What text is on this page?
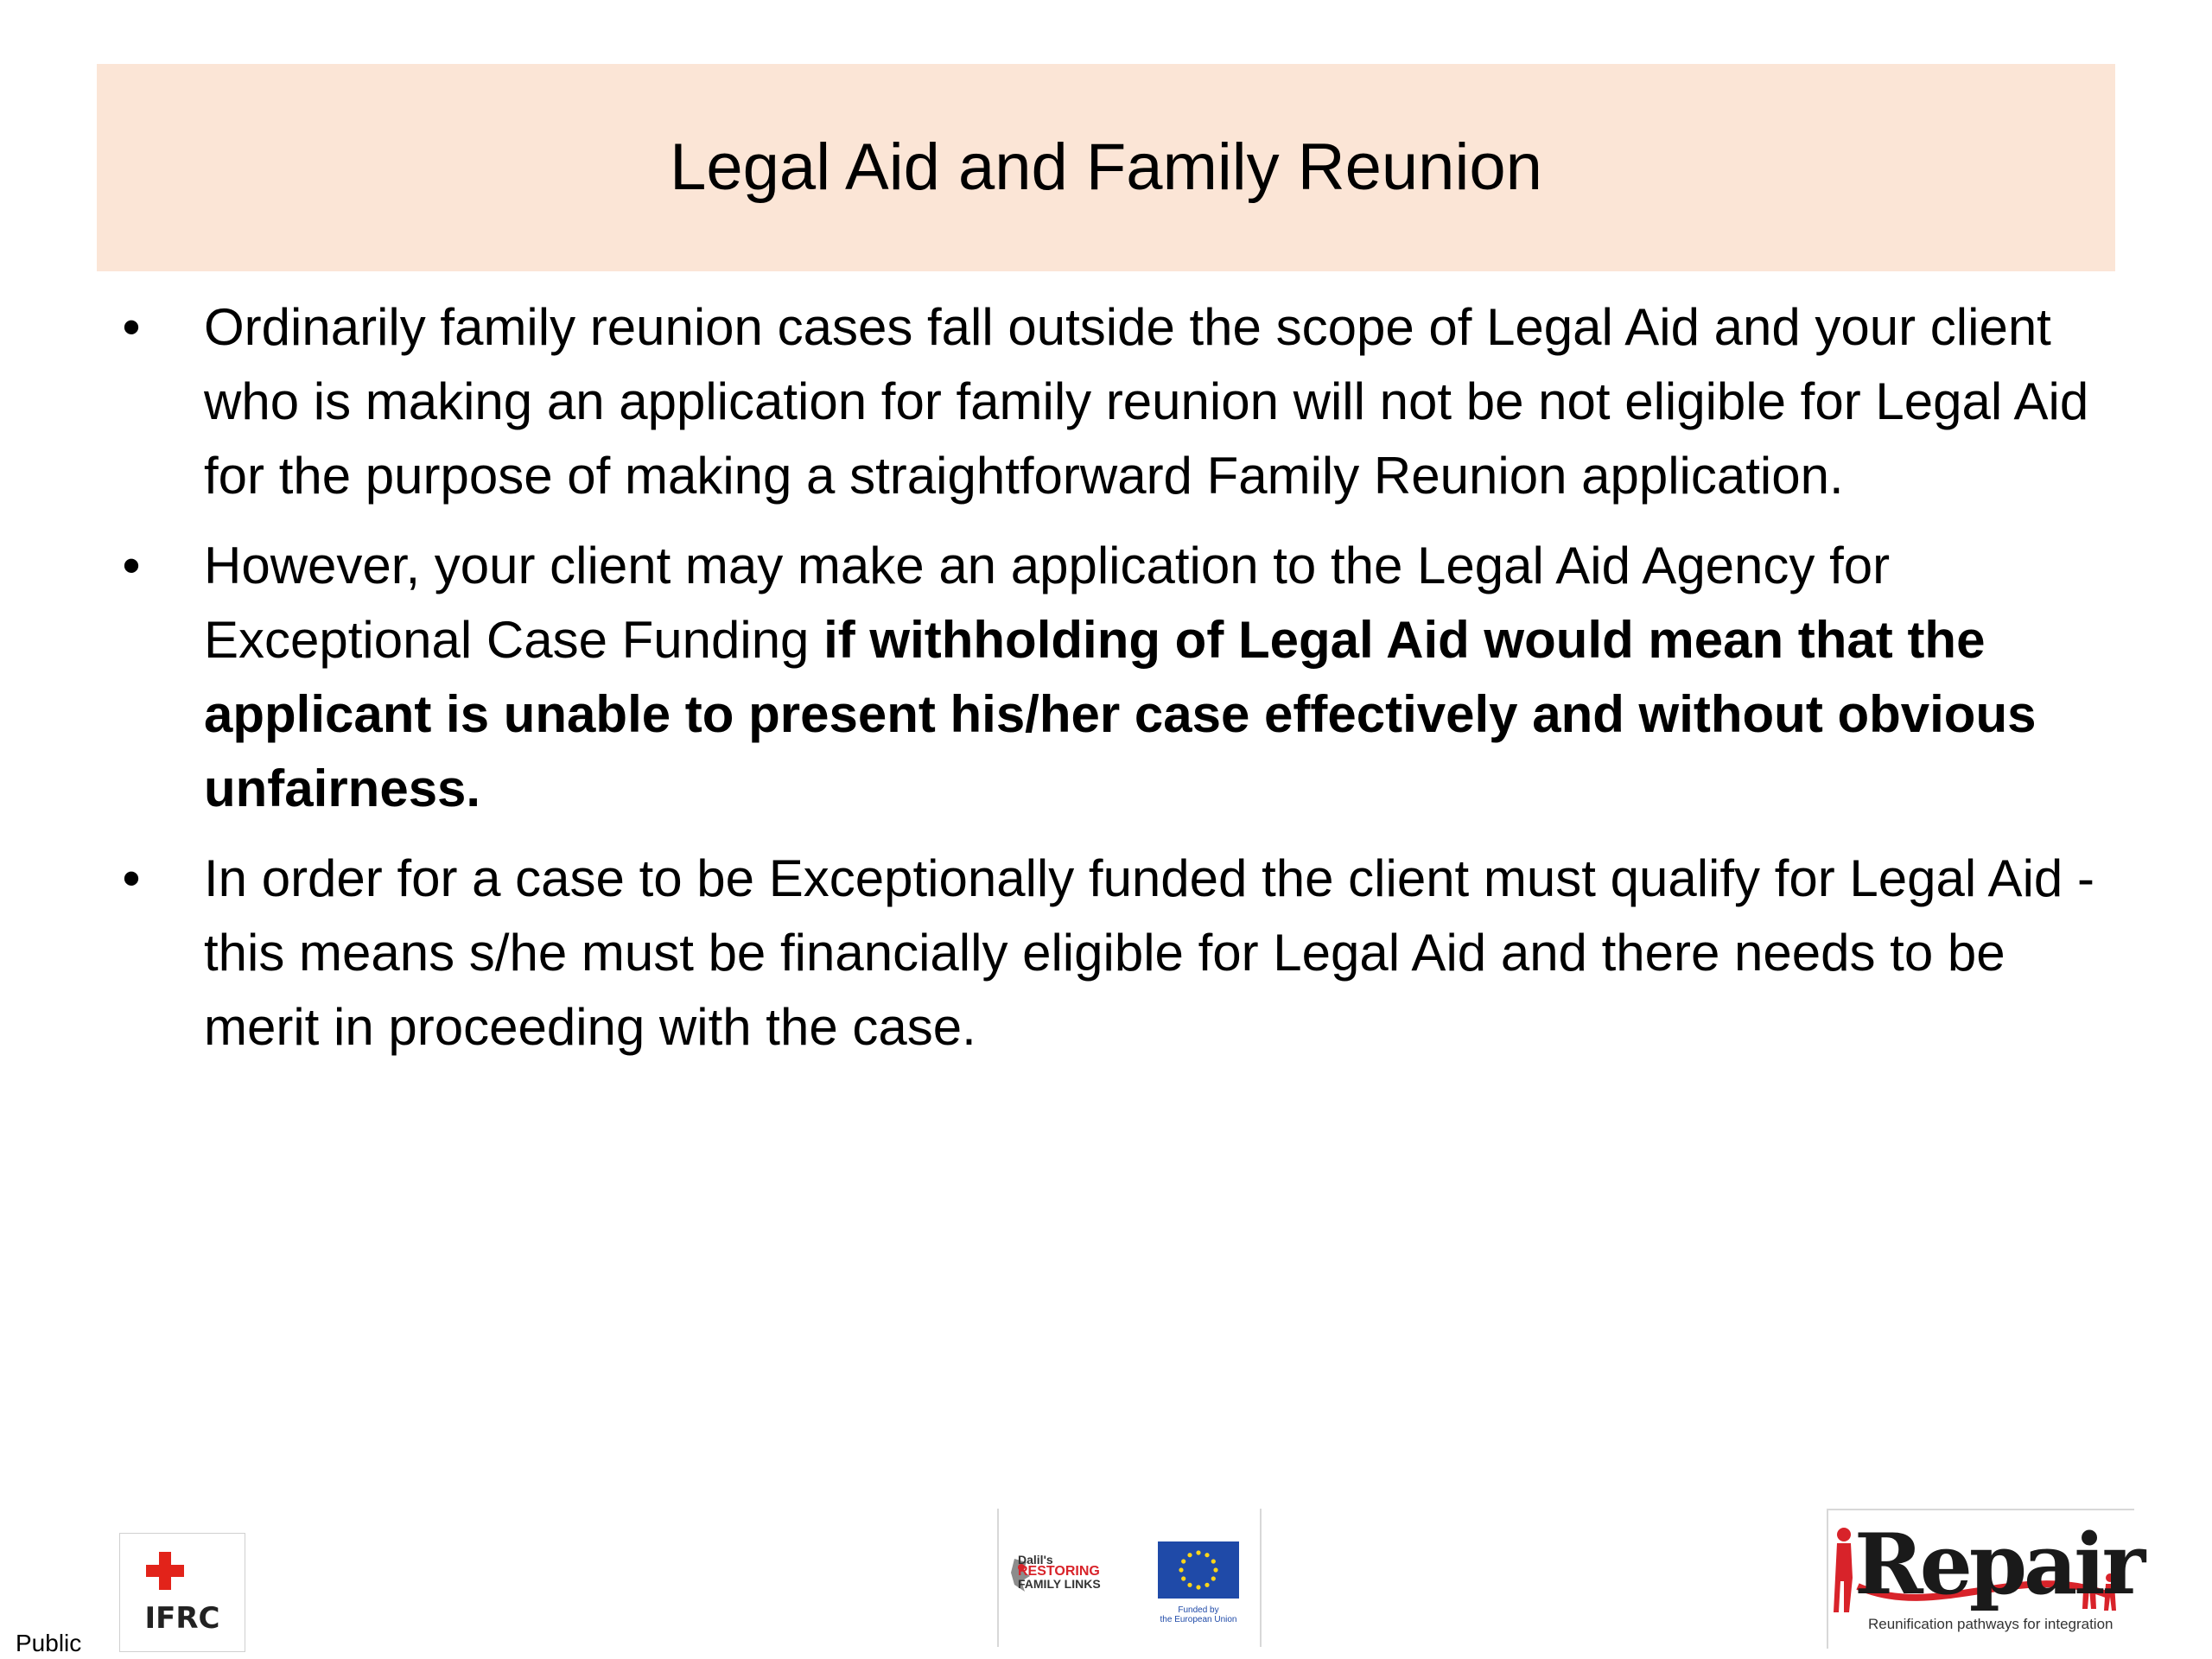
Legal Aid and Family Reunion
• Ordinarily family reunion cases fall outside the scope of Legal Aid and your client who is making an application for family reunion will not be not eligible for Legal Aid for the purpose of making a straightforward Family Reunion application.
• However, your client may make an application to the Legal Aid Agency for Exceptional Case Funding if withholding of Legal Aid would mean that the applicant is unable to present his/her case effectively and without obvious unfairness.
• In order for a case to be Exceptionally funded the client must qualify for Legal Aid - this means s/he must be financially eligible for Legal Aid and there needs to be merit in proceeding with the case.
Public
IFRC
Dalil's
RESTORING
FAMILY LINKS
Funded by
the European Union
Repair
Reunification pathways for integration
